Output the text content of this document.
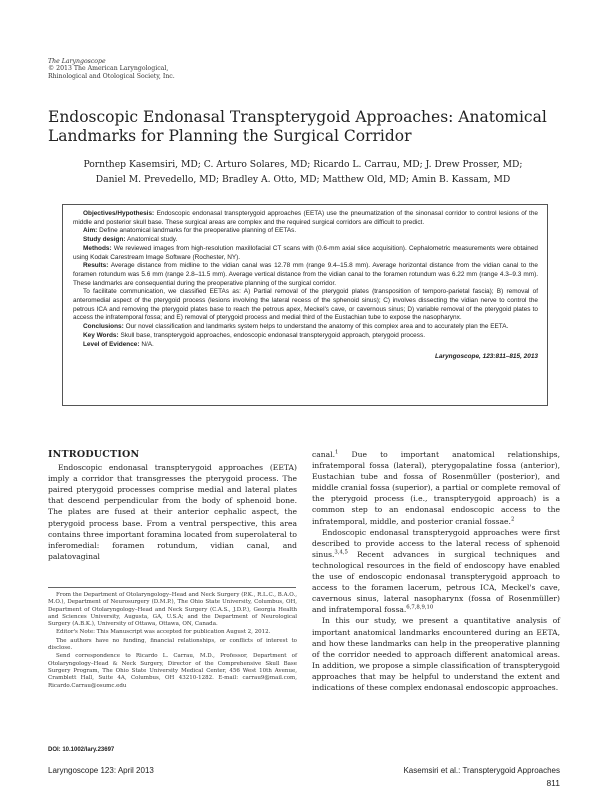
The Laryngoscope
© 2013 The American Laryngological,
Rhinological and Otological Society, Inc.
Endoscopic Endonasal Transpterygoid Approaches: Anatomical Landmarks for Planning the Surgical Corridor
Pornthep Kasemsiri, MD; C. Arturo Solares, MD; Ricardo L. Carrau, MD; J. Drew Prosser, MD;
Daniel M. Prevedello, MD; Bradley A. Otto, MD; Matthew Old, MD; Amin B. Kassam, MD

Objectives/Hypothesis: Endoscopic endonasal transpterygoid approaches (EETA) use the pneumatization of the sinonasal corridor to control lesions of the middle and posterior skull base. These surgical areas are complex and the required surgical corridors are difficult to predict.

Aim: Define anatomical landmarks for the preoperative planning of EETAs.

Study design: Anatomical study.

Methods: We reviewed images from high-resolution maxillofacial CT scans with (0.6-mm axial slice acquisition). Cephalometric measurements were obtained using Kodak Carestream Image Software (Rochester, NY).

Results: Average distance from midline to the vidian canal was 12.78 mm (range 9.4–15.8 mm). Average horizontal distance from the vidian canal to the foramen rotundum was 5.6 mm (range 2.8–11.5 mm). Average vertical distance from the vidian canal to the foramen rotundum was 6.22 mm (range 4.3–9.3 mm). These landmarks are consequential during the preoperative planning of the surgical corridor.

To facilitate communication, we classified EETAs as: A) Partial removal of the pterygoid plates (transposition of temporo-parietal fascia); B) removal of anteromedial aspect of the pterygoid process (lesions involving the lateral recess of the sphenoid sinus); C) involves dissecting the vidian nerve to control the petrous ICA and removing the pterygoid plates base to reach the petrous apex, Meckel's cave, or cavernous sinus; D) variable removal of the pterygoid plates to access the infratemporal fossa; and E) removal of pterygoid process and medial third of the Eustachian tube to expose the nasopharynx.

Conclusions: Our novel classification and landmarks system helps to understand the anatomy of this complex area and to accurately plan the EETA.

Key Words: Skull base, transpterygoid approaches, endoscopic endonasal transpterygoid approach, pterygoid process.

Level of Evidence: N/A.

Laryngoscope, 123:811–815, 2013

INTRODUCTION

Endoscopic endonasal transpterygoid approaches (EETA) imply a corridor that transgresses the pterygoid process. The paired pterygoid processes comprise medial and lateral plates that descend perpendicular from the body of sphenoid bone. The plates are fused at their anterior cephalic aspect, the pterygoid process base. From a ventral perspective, this area contains three important foramina located from superolateral to inferomedial: foramen rotundum, vidian canal, and palatovaginal

From the Department of Otolaryngology–Head and Neck Surgery (P.K., R.L.C., B.A.O., M.O.), Department of Neurosurgery (D.M.P.), The Ohio State University, Columbus, OH, Department of Otolaryngology–Head and Neck Surgery (C.A.S., J.D.P.), Georgia Health and Sciences University, Augusta, GA, U.S.A; and the Department of Neurological Surgery (A.B.K.), University of Ottawa, Ottawa, ON, Canada.

Editor's Note: This Manuscript was accepted for publication August 2, 2012.

The authors have no funding, financial relationships, or conflicts of interest to disclose.

Send correspondence to Ricardo L. Carrau, M.D., Professor, Department of Otolaryngology–Head & Neck Surgery, Director of the Comprehensive Skull Base Surgery Program, The Ohio State University Medical Center, 456 West 10th Avenue, Cramblett Hall, Suite 4A, Columbus, OH 43210-1282. E-mail: carrau9@mail.com, Ricardo.Carrau@osumc.edu

DOI: 10.1002/lary.23697

canal.$^1$ Due to important anatomical relationships, infratemporal fossa (lateral), pterygopalatine fossa (anterior), Eustachian tube and fossa of Rosenmüller (posterior), and middle cranial fossa (superior), a partial or complete removal of the pterygoid process (i.e., transpterygoid approach) is a common step to an endonasal endoscopic access to the infratemporal, middle, and posterior cranial fossae.$^2$

Endoscopic endonasal transpterygoid approaches were first described to provide access to the lateral recess of sphenoid sinus.$^{3,4,5}$ Recent advances in surgical techniques and technological resources in the field of endoscopy have enabled the use of endoscopic endonasal transpterygoid approach to access to the foramen lacerum, petrous ICA, Meckel's cave, cavernous sinus, lateral nasopharynx (fossa of Rosenmüller) and infratemporal fossa.$^{6,7,8,9,10}$

In this our study, we present a quantitative analysis of important anatomical landmarks encountered during an EETA, and how these landmarks can help in the preoperative planning of the corridor needed to approach different anatomical areas. In addition, we propose a simple classification of transpterygoid approaches that may be helpful to understand the extent and indications of these complex endonasal endoscopic approaches.

Laryngoscope 123: April 2013	Kasemsiri et al.: Transpterygoid Approaches
811
